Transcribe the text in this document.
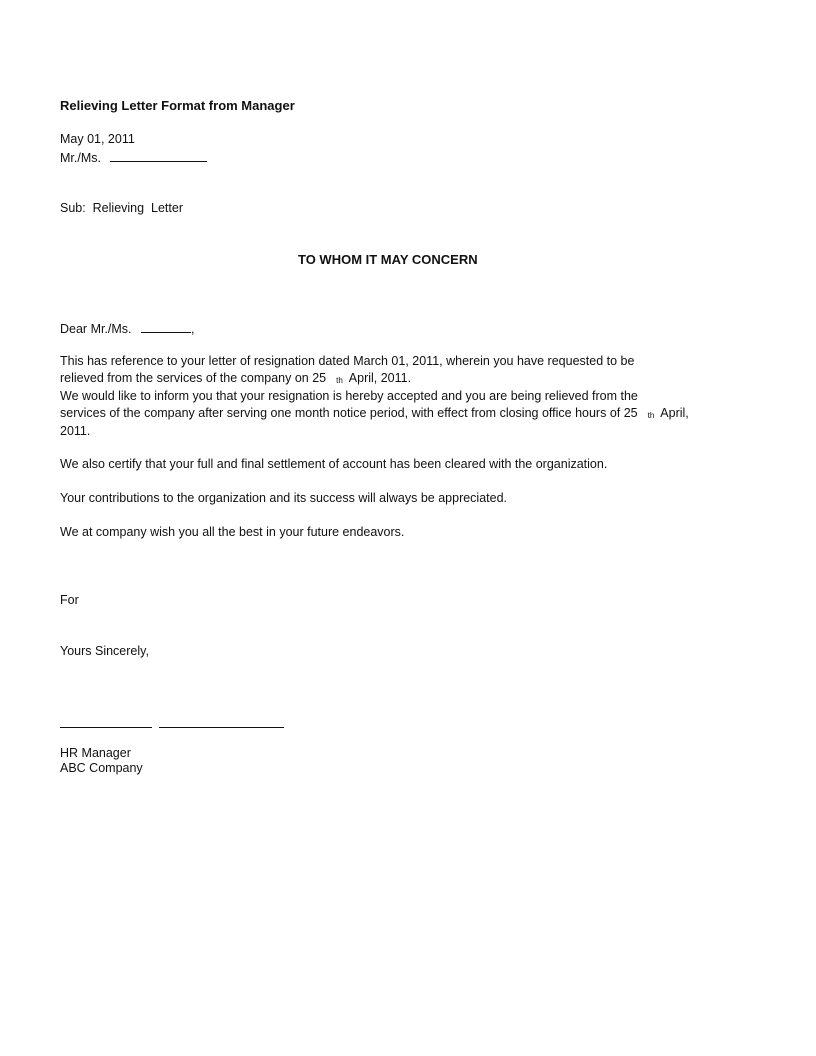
Relieving Letter Format from Manager
May 01, 2011
Mr./Ms.
Sub:  Relieving  Letter
TO WHOM IT MAY CONCERN
Dear Mr./Ms.	,
This has reference to your letter of resignation dated March 01, 2011, wherein you have requested to be
relieved from the services of the company on 25 $^{th}$ April, 2011.
We would like to inform you that your resignation is hereby accepted and you are being relieved from the
services of the company after serving one month notice period, with effect from closing office hours of 25 $^{th}$ April,
2011.
We also certify that your full and final settlement of account has been cleared with the organization.
Your contributions to the organization and its success will always be appreciated.
We at company wish you all the best in your future endeavors.
For
Yours Sincerely,

HR Manager
ABC Company
